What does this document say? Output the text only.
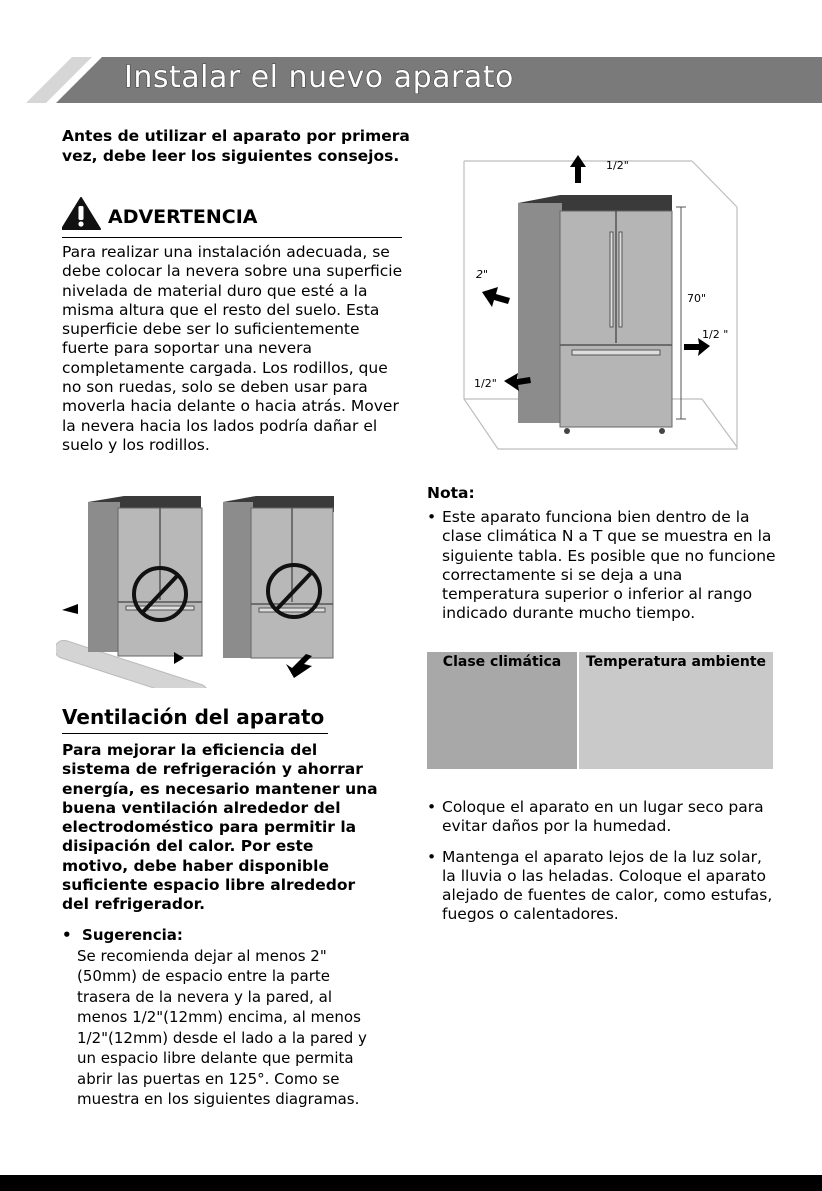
Instalar el nuevo aparato
Antes de utilizar el aparato por primera vez, debe leer los siguientes consejos.
ADVERTENCIA
Para realizar una instalación adecuada, se debe colocar la nevera sobre una superficie nivelada de material duro que esté a la misma altura que el resto del suelo. Esta superficie debe ser lo suficientemente fuerte para soportar una nevera completamente cargada. Los rodillos, que no son ruedas, solo se deben usar para moverla hacia delante o hacia atrás. Mover la nevera hacia los lados podría dañar el suelo y los rodillos.
1/2"
2"
70"
1/2 "
1/2"
Ventilación del aparato
Para mejorar la eficiencia del sistema de refrigeración y ahorrar energía, es necesario mantener una buena ventilación alrededor del electrodoméstico para permitir la disipación del calor. Por este motivo, debe haber disponible suficiente espacio libre alrededor del refrigerador.
•  Sugerencia:
Se recomienda dejar al menos 2"(50mm) de espacio entre la parte trasera de la nevera y la pared, al menos 1/2"(12mm) encima, al menos 1/2"(12mm) desde el lado a la pared y un espacio libre delante que permita abrir las puertas en 125°. Como se muestra en los siguientes diagramas.
Nota:
• Este aparato funciona bien dentro de la clase climática N a T que se muestra en la siguiente tabla. Es posible que no funcione correctamente si se deja a una temperatura superior o inferior al rango indicado durante mucho tiempo.
Clase climática	Temperatura ambiente
• Coloque el aparato en un lugar seco para evitar daños por la humedad.
• Mantenga el aparato lejos de la luz solar, la lluvia o las heladas. Coloque el aparato alejado de fuentes de calor, como estufas, fuegos o calentadores.
